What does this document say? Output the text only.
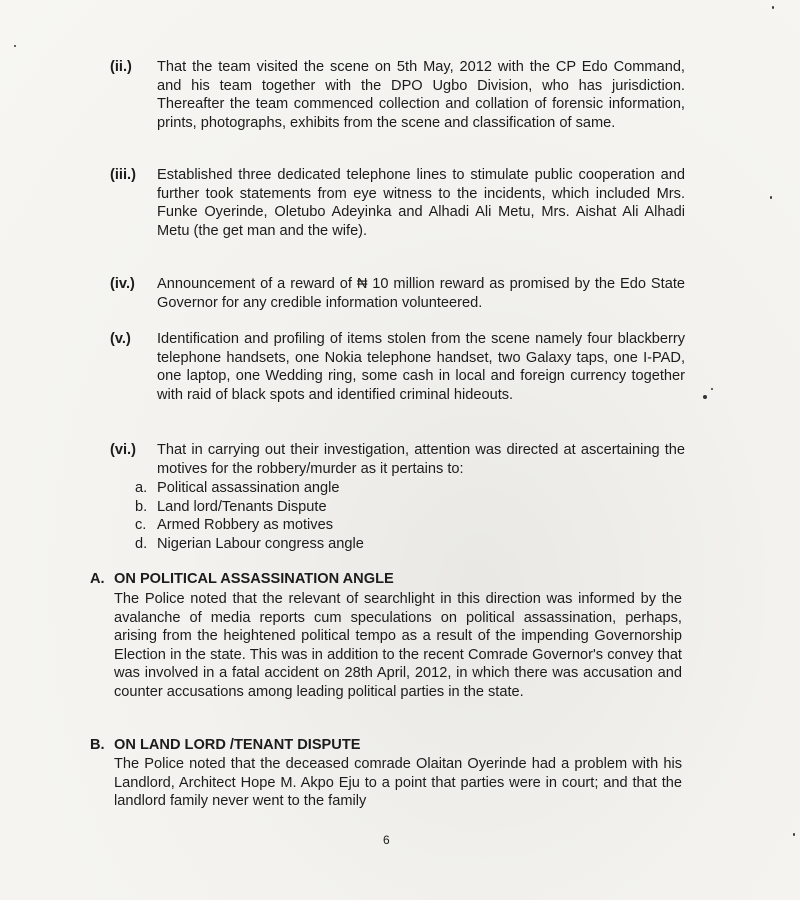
(ii.)	That the team visited the scene on 5th May, 2012 with the CP Edo Command, and his team together with the DPO Ugbo Division, who has jurisdiction. Thereafter the team commenced collection and collation of forensic information, prints, photographs, exhibits from the scene and classification of same.
(iii.)	Established three dedicated telephone lines to stimulate public cooperation and further took statements from eye witness to the incidents, which included Mrs. Funke Oyerinde, Oletubo Adeyinka and Alhadi Ali Metu, Mrs. Aishat Ali Alhadi Metu (the get man and the wife).
(iv.)	Announcement of a reward of ₦ 10 million reward as promised by the Edo State Governor for any credible information volunteered.
(v.)	Identification and profiling of items stolen from the scene namely four blackberry telephone handsets, one Nokia telephone handset, two Galaxy taps, one I-PAD, one laptop, one Wedding ring, some cash in local and foreign currency together with raid of black spots and identified criminal hideouts.
(vi.)	That in carrying out their investigation, attention was directed at ascertaining the motives for the robbery/murder as it pertains to:
a. Political assassination angle
b. Land lord/Tenants Dispute
c. Armed Robbery as motives
d. Nigerian Labour congress angle
A. ON POLITICAL ASSASSINATION ANGLE
The Police noted that the relevant of searchlight in this direction was informed by the avalanche of media reports cum speculations on political assassination, perhaps, arising from the heightened political tempo as a result of the impending Governorship Election in the state. This was in addition to the recent Comrade Governor's convey that was involved in a fatal accident on 28th April, 2012, in which there was accusation and counter accusations among leading political parties in the state.
B. ON LAND LORD /TENANT DISPUTE
The Police noted that the deceased comrade Olaitan Oyerinde had a problem with his Landlord, Architect Hope M. Akpo Eju to a point that parties were in court; and that the landlord family never went to the family
6
